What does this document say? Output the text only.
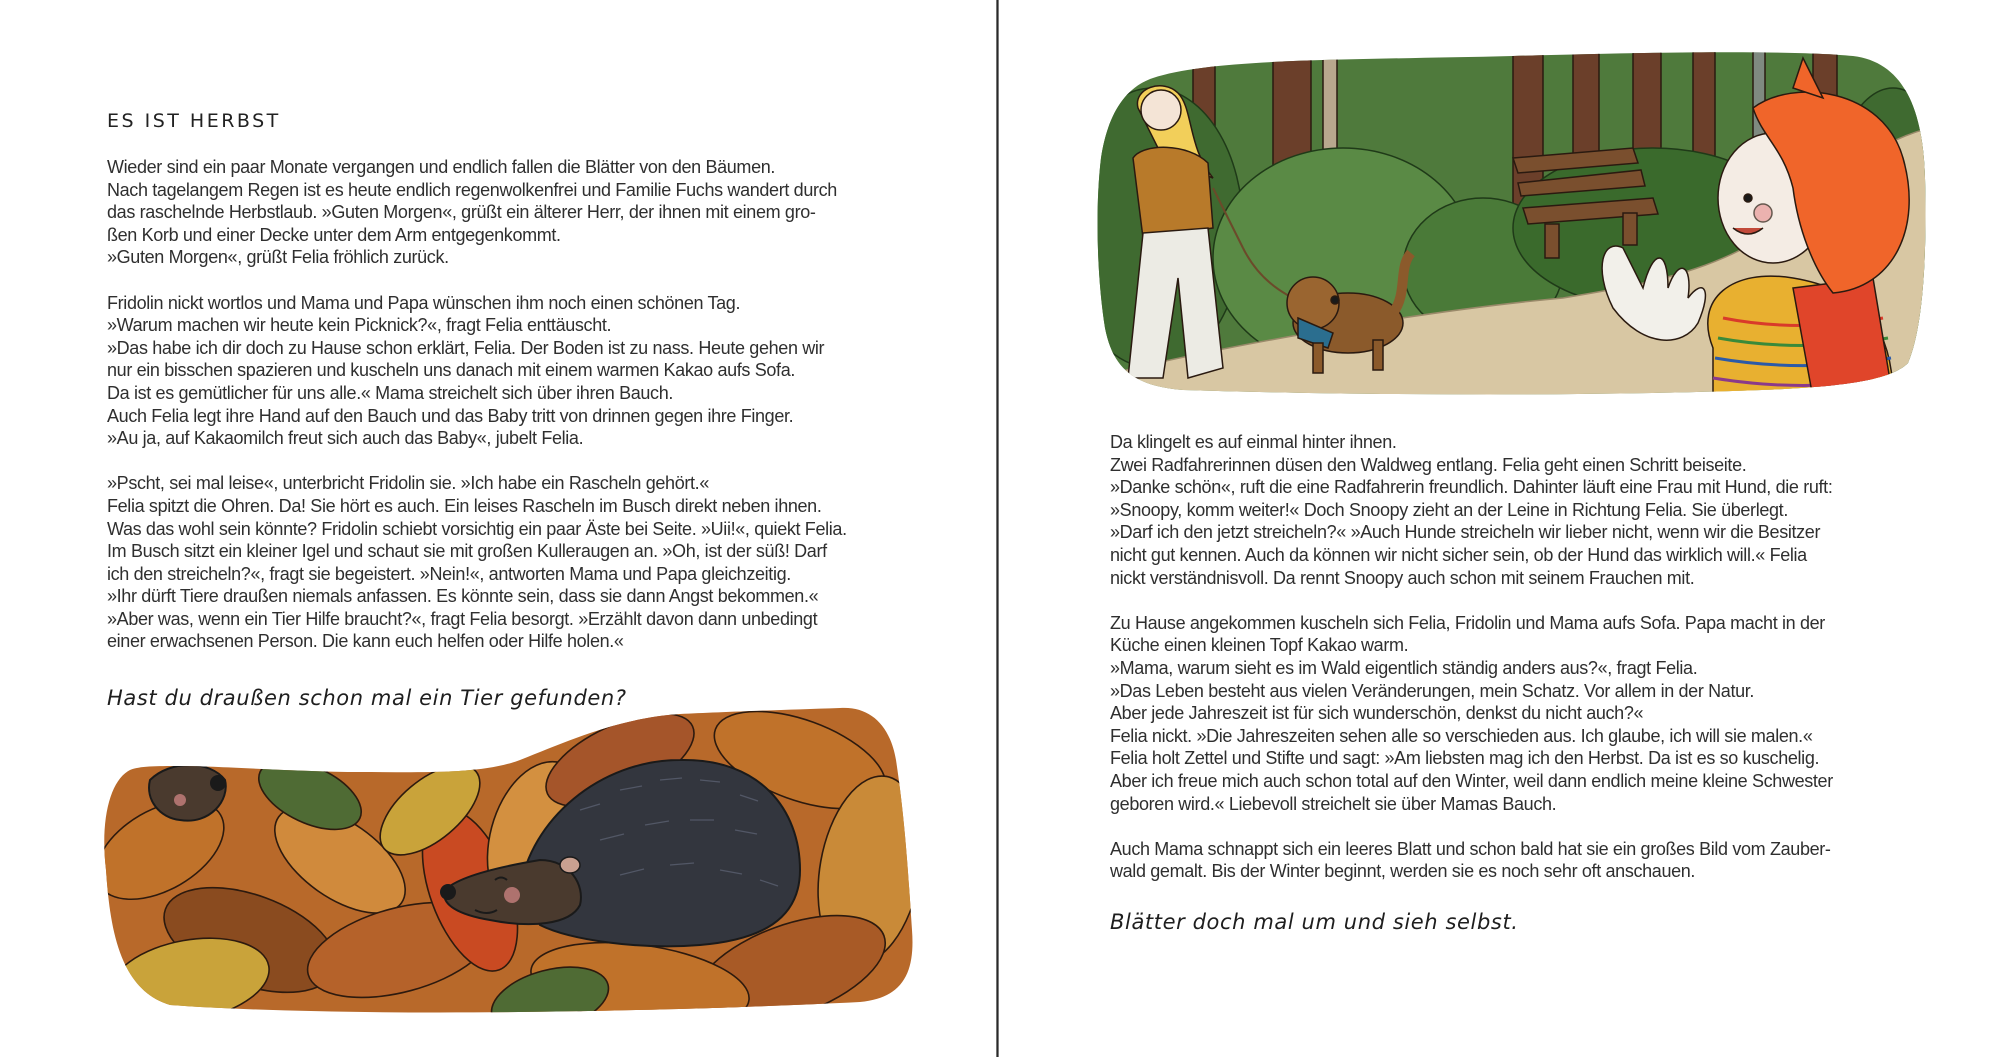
ES IST HERBST

Wieder sind ein paar Monate vergangen und endlich fallen die Blätter von den Bäumen.
Nach tagelangem Regen ist es heute endlich regenwolkenfrei und Familie Fuchs wandert durch
das raschelnde Herbstlaub. »Guten Morgen«, grüßt ein älterer Herr, der ihnen mit einem gro-
ßen Korb und einer Decke unter dem Arm entgegenkommt.
»Guten Morgen«, grüßt Felia fröhlich zurück.

Fridolin nickt wortlos und Mama und Papa wünschen ihm noch einen schönen Tag.
»Warum machen wir heute kein Picknick?«, fragt Felia enttäuscht.
»Das habe ich dir doch zu Hause schon erklärt, Felia. Der Boden ist zu nass. Heute gehen wir
nur ein bisschen spazieren und kuscheln uns danach mit einem warmen Kakao aufs Sofa.
Da ist es gemütlicher für uns alle.« Mama streichelt sich über ihren Bauch.
Auch Felia legt ihre Hand auf den Bauch und das Baby tritt von drinnen gegen ihre Finger.
»Au ja, auf Kakaomilch freut sich auch das Baby«, jubelt Felia.

»Pscht, sei mal leise«, unterbricht Fridolin sie. »Ich habe ein Rascheln gehört.«
Felia spitzt die Ohren. Da! Sie hört es auch. Ein leises Rascheln im Busch direkt neben ihnen.
Was das wohl sein könnte? Fridolin schiebt vorsichtig ein paar Äste bei Seite. »Uii!«, quiekt Felia.
Im Busch sitzt ein kleiner Igel und schaut sie mit großen Kulleraugen an. »Oh, ist der süß! Darf
ich den streicheln?«, fragt sie begeistert. »Nein!«, antworten Mama und Papa gleichzeitig.
»Ihr dürft Tiere draußen niemals anfassen. Es könnte sein, dass sie dann Angst bekommen.«
»Aber was, wenn ein Tier Hilfe braucht?«, fragt Felia besorgt. »Erzählt davon dann unbedingt
einer erwachsenen Person. Die kann euch helfen oder Hilfe holen.«

Hast du draußen schon mal ein Tier gefunden?

Da klingelt es auf einmal hinter ihnen.
Zwei Radfahrerinnen düsen den Waldweg entlang. Felia geht einen Schritt beiseite.
»Danke schön«, ruft die eine Radfahrerin freundlich. Dahinter läuft eine Frau mit Hund, die ruft:
»Snoopy, komm weiter!« Doch Snoopy zieht an der Leine in Richtung Felia. Sie überlegt.
»Darf ich den jetzt streicheln?« »Auch Hunde streicheln wir lieber nicht, wenn wir die Besitzer
nicht gut kennen. Auch da können wir nicht sicher sein, ob der Hund das wirklich will.« Felia
nickt verständnisvoll. Da rennt Snoopy auch schon mit seinem Frauchen mit.

Zu Hause angekommen kuscheln sich Felia, Fridolin und Mama aufs Sofa. Papa macht in der
Küche einen kleinen Topf Kakao warm.
»Mama, warum sieht es im Wald eigentlich ständig anders aus?«, fragt Felia.
»Das Leben besteht aus vielen Veränderungen, mein Schatz. Vor allem in der Natur.
Aber jede Jahreszeit ist für sich wunderschön, denkst du nicht auch?«
Felia nickt. »Die Jahreszeiten sehen alle so verschieden aus. Ich glaube, ich will sie malen.«
Felia holt Zettel und Stifte und sagt: »Am liebsten mag ich den Herbst. Da ist es so kuschelig.
Aber ich freue mich auch schon total auf den Winter, weil dann endlich meine kleine Schwester
geboren wird.« Liebevoll streichelt sie über Mamas Bauch.

Auch Mama schnappt sich ein leeres Blatt und schon bald hat sie ein großes Bild vom Zauber-
wald gemalt. Bis der Winter beginnt, werden sie es noch sehr oft anschauen.

Blätter doch mal um und sieh selbst.
